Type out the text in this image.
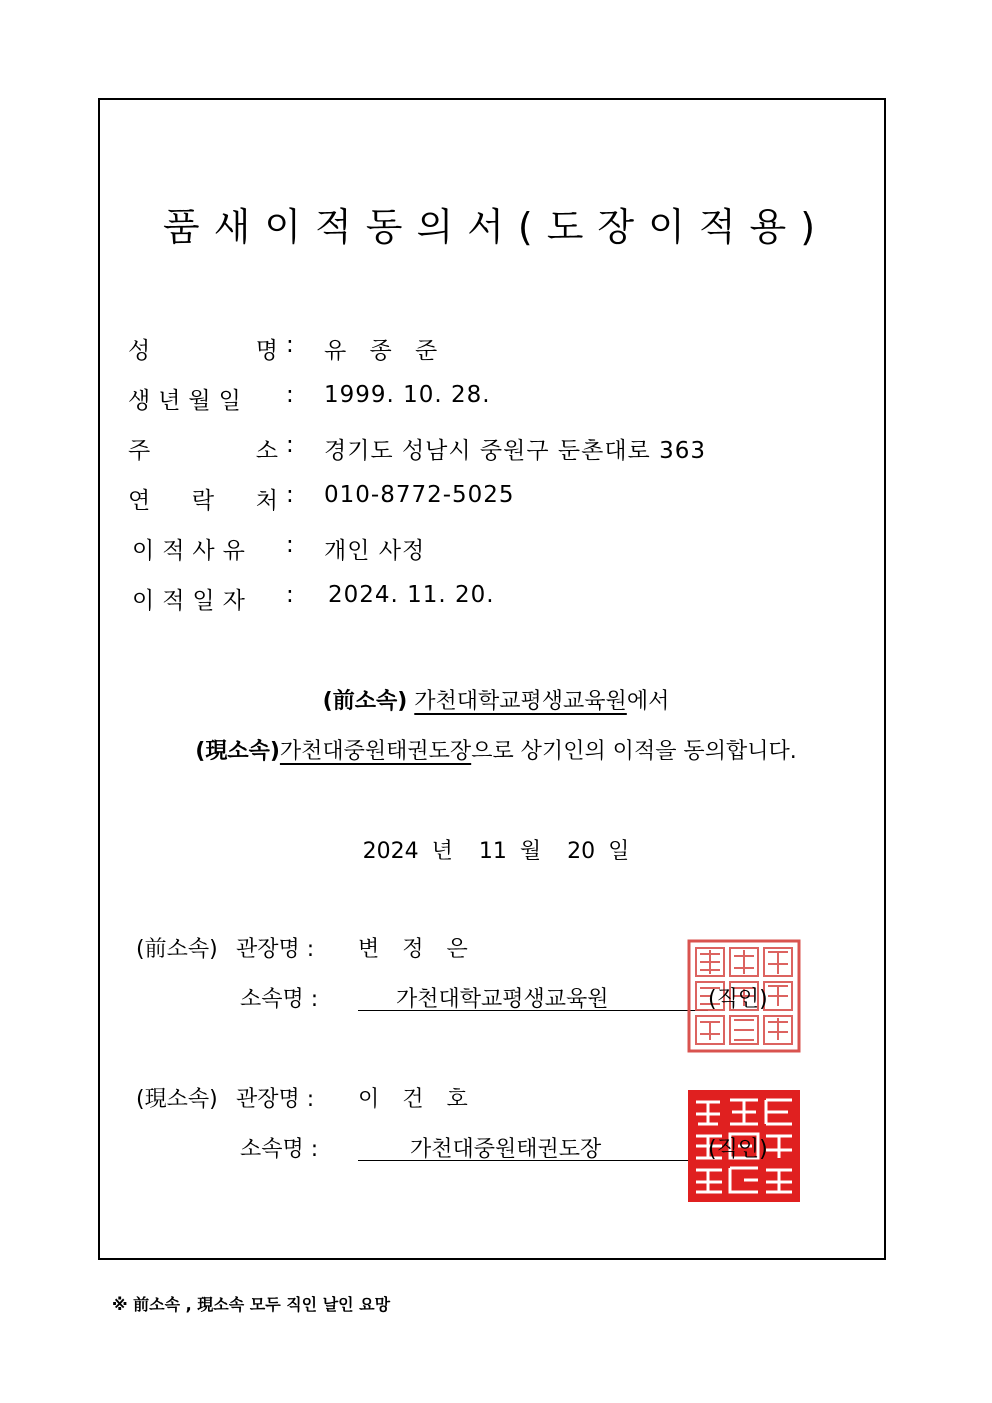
품새이적동의서(도장이적용)
성	명 : 유 종 준
생년월일	: 1999. 10. 28.
주	소 : 경기도 성남시 중원구 둔촌대로 363
연 락 처 : 010-8772-5025
이적사유	: 개인 사정
이적일자	: 2024. 11. 20.
(前소속) 가천대학교평생교육원에서
(現소속)가천대중원태권도장으로 상기인의 이적을 동의합니다.
2024 년 11 월 20 일
(前소속) 관장명 : 변 정 은
소속명 :	가천대학교평생교육원	(직인)
(現소속) 관장명 : 이 건 호
소속명 :	가천대중원태권도장	(직인)
※ 前소속 , 現소속 모두 직인 날인 요망
